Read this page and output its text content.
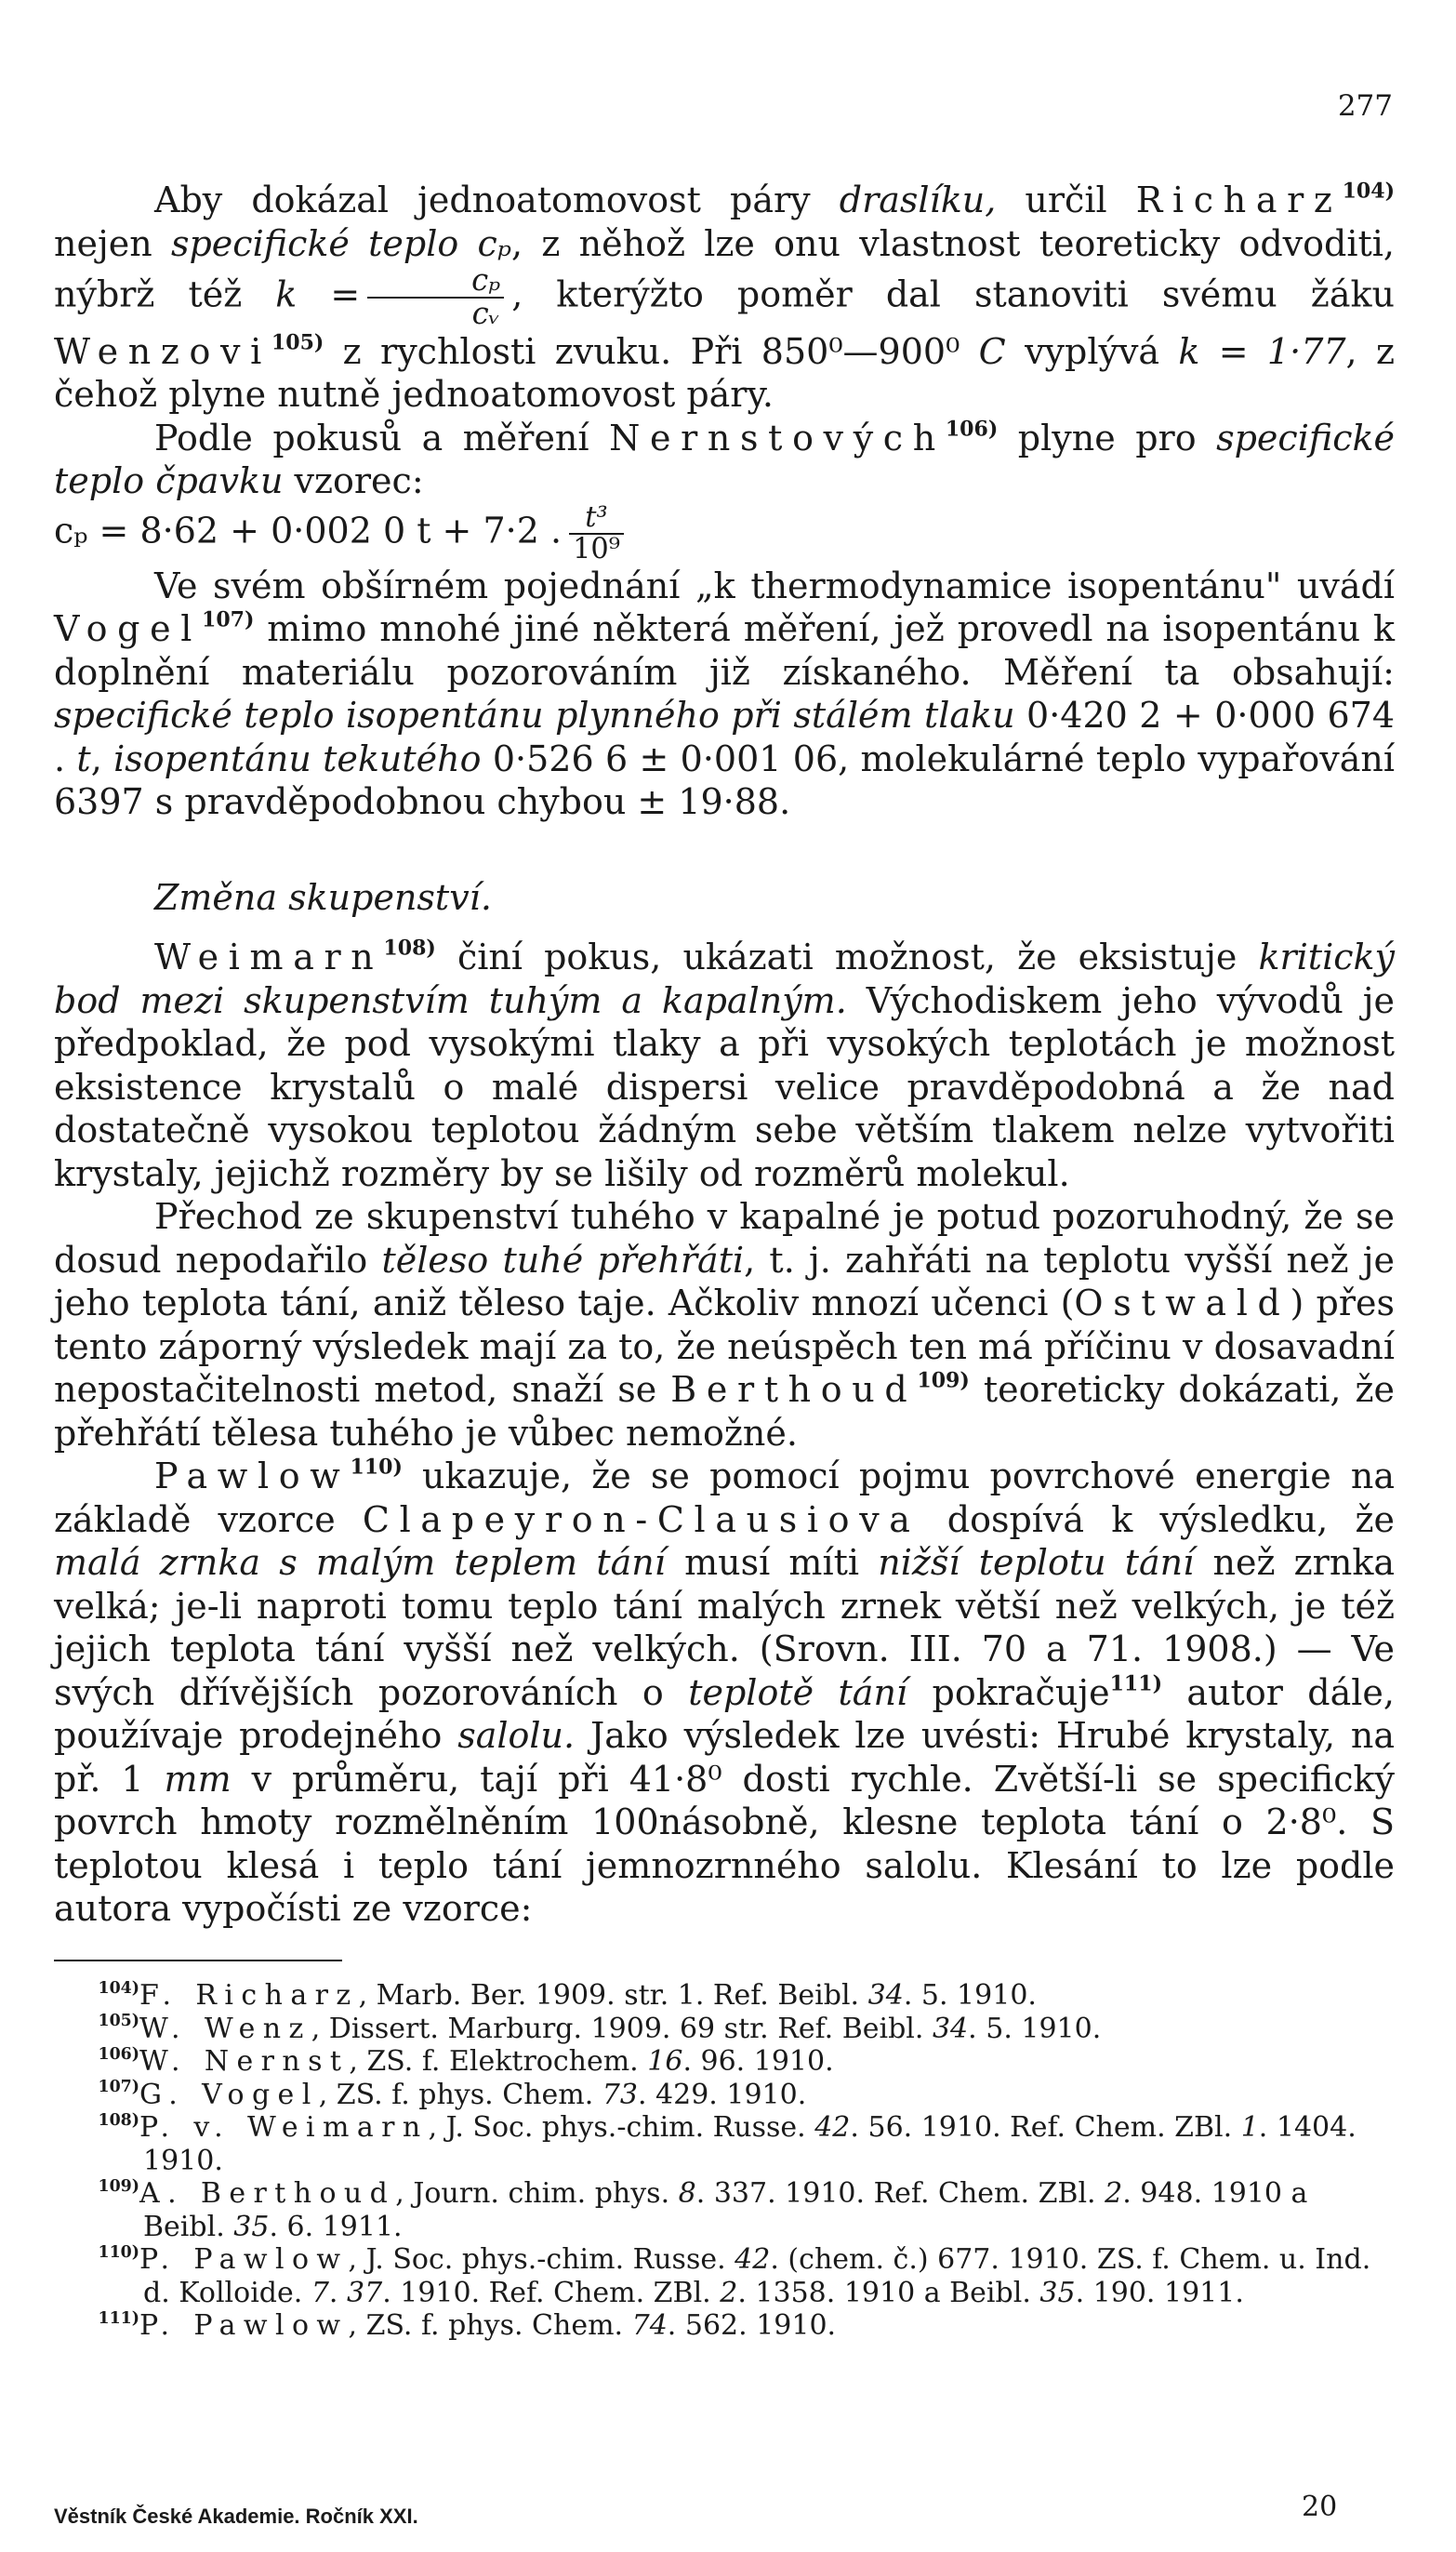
277

Aby dokázal jednoatomovost páry draslíku, určil Richarz$^{104)}$ nejen specifické teplo cₚ, z něhož lze onu vlastnost teoreticky odvoditi, nýbrž též $k = \frac{\text{cₚ}}{\text{cᵥ}}$ , kterýžto poměr dal stanoviti svému žáku Wenzovi$^{105)}$ z rychlosti zvuku. Při 850⁰—900⁰ C vyplývá k = 1·77, z čehož plyne nutně jednoatomovost páry.

Podle pokusů a měření Nernstových$^{106)}$ plyne pro specifické teplo čpavku vzorec:

cₚ = 8·62 + 0·002 0 t + 7·2 . $\frac{\text{t³}}{\text{10⁹}}$

Ve svém obšírném pojednání „k thermodynamice isopentánu" uvádí Vogel$^{107)}$ mimo mnohé jiné některá měření, jež provedl na isopentánu k doplnění materiálu pozorováním již získaného. Měření ta obsahují: specifické teplo isopentánu plynného při stálém tlaku 0·420 2 + 0·000 674 . t, isopentánu tekutého 0·526 6 ± 0·001 06, molekulárné teplo vypařování 6397 s pravděpodobnou chybou ± 19·88.

Změna skupenství.

Weimarn$^{108)}$ činí pokus, ukázati možnost, že eksistuje kritický bod mezi skupenstvím tuhým a kapalným. Východiskem jeho vývodů je předpoklad, že pod vysokými tlaky a při vysokých teplotách je možnost eksistence krystalů o malé dispersi velice pravděpodobná a že nad dostatečně vysokou teplotou žádným sebe větším tlakem nelze vytvořiti krystaly, jejichž rozměry by se lišily od rozměrů molekul.

Přechod ze skupenství tuhého v kapalné je potud pozoruhodný, že se dosud nepodařilo těleso tuhé přehřáti, t. j. zahřáti na teplotu vyšší než je jeho teplota tání, aniž těleso taje. Ačkoliv mnozí učenci (Ostwald) přes tento záporný výsledek mají za to, že neúspěch ten má příčinu v dosavadní nepostačitelnosti metod, snaží se Berthoud$^{109)}$ teoreticky dokázati, že přehřátí tělesa tuhého je vůbec nemožné.

Pawlow$^{110)}$ ukazuje, že se pomocí pojmu povrchové energie na základě vzorce Clapeyron-Clausiova dospívá k výsledku, že malá zrnka s malým teplem tání musí míti nižší teplotu tání než zrnka velká; je-li naproti tomu teplo tání malých zrnek větší než velkých, je též jejich teplota tání vyšší než velkých. (Srovn. III. 70 a 71. 1908.) — Ve svých dřívějších pozorováních o teplotě tání pokračuje$^{111)}$ autor dále, používaje prodejného salolu. Jako výsledek lze uvésti: Hrubé krystaly, na př. 1 mm v průměru, tají při 41·8⁰ dosti rychle. Zvětší-li se specifický povrch hmoty rozmělněním 100násobně, klesne teplota tání o 2·8⁰. S teplotou klesá i teplo tání jemnozrnného salolu. Klesání to lze podle autora vypočísti ze vzorce:

$^{104)}$F. Richarz, Marb. Ber. 1909. str. 1. Ref. Beibl. 34. 5. 1910.

$^{105)}$W. Wenz, Dissert. Marburg. 1909. 69 str. Ref. Beibl. 34. 5. 1910.

$^{106)}$W. Nernst, ZS. f. Elektrochem. 16. 96. 1910.

$^{107)}$G. Vogel, ZS. f. phys. Chem. 73. 429. 1910.

$^{108)}$P. v. Weimarn, J. Soc. phys.-chim. Russe. 42. 56. 1910. Ref. Chem. ZBl. 1. 1404. 1910.

$^{109)}$A. Berthoud, Journ. chim. phys. 8. 337. 1910. Ref. Chem. ZBl. 2. 948. 1910 a Beibl. 35. 6. 1911.

$^{110)}$P. Pawlow, J. Soc. phys.-chim. Russe. 42. (chem. č.) 677. 1910. ZS. f. Chem. u. Ind. d. Kolloide. 7. 37. 1910. Ref. Chem. ZBl. 2. 1358. 1910 a Beibl. 35. 190. 1911.

$^{111)}$P. Pawlow, ZS. f. phys. Chem. 74. 562. 1910.

Věstník České Akademie. Ročník XXI.	20
